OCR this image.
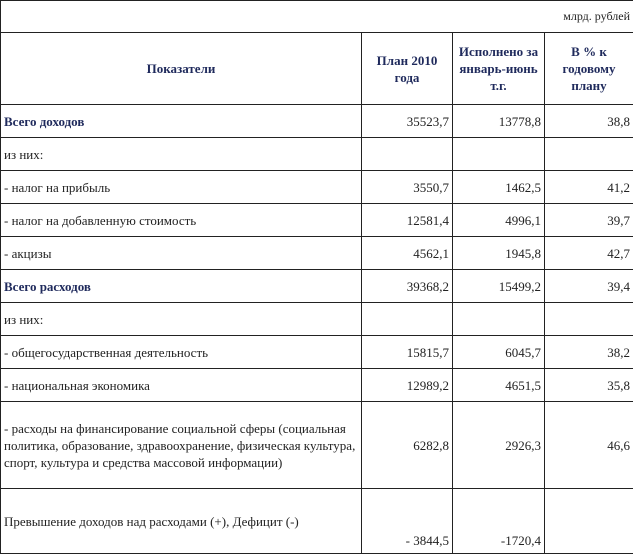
млрд. рублей			
Показатели	План 2010 года	Исполнено за январь-июнь т.г.	В % к годовому плану
Всего доходов	35523,7	13778,8	38,8
из них:			
- налог на прибыль	3550,7	1462,5	41,2
- налог на добавленную стоимость	12581,4	4996,1	39,7
- акцизы	4562,1	1945,8	42,7
Всего расходов	39368,2	15499,2	39,4
из них:			
- общегосударственная деятельность	15815,7	6045,7	38,2
- национальная экономика	12989,2	4651,5	35,8
- расходы на финансирование социальной сферы (социальная политика, образование, здравоохранение, физическая культура, спорт, культура и средства массовой информации)	6282,8	2926,3	46,6
Превышение доходов над расходами (+), Дефицит (-)	- 3844,5	-1720,4	
